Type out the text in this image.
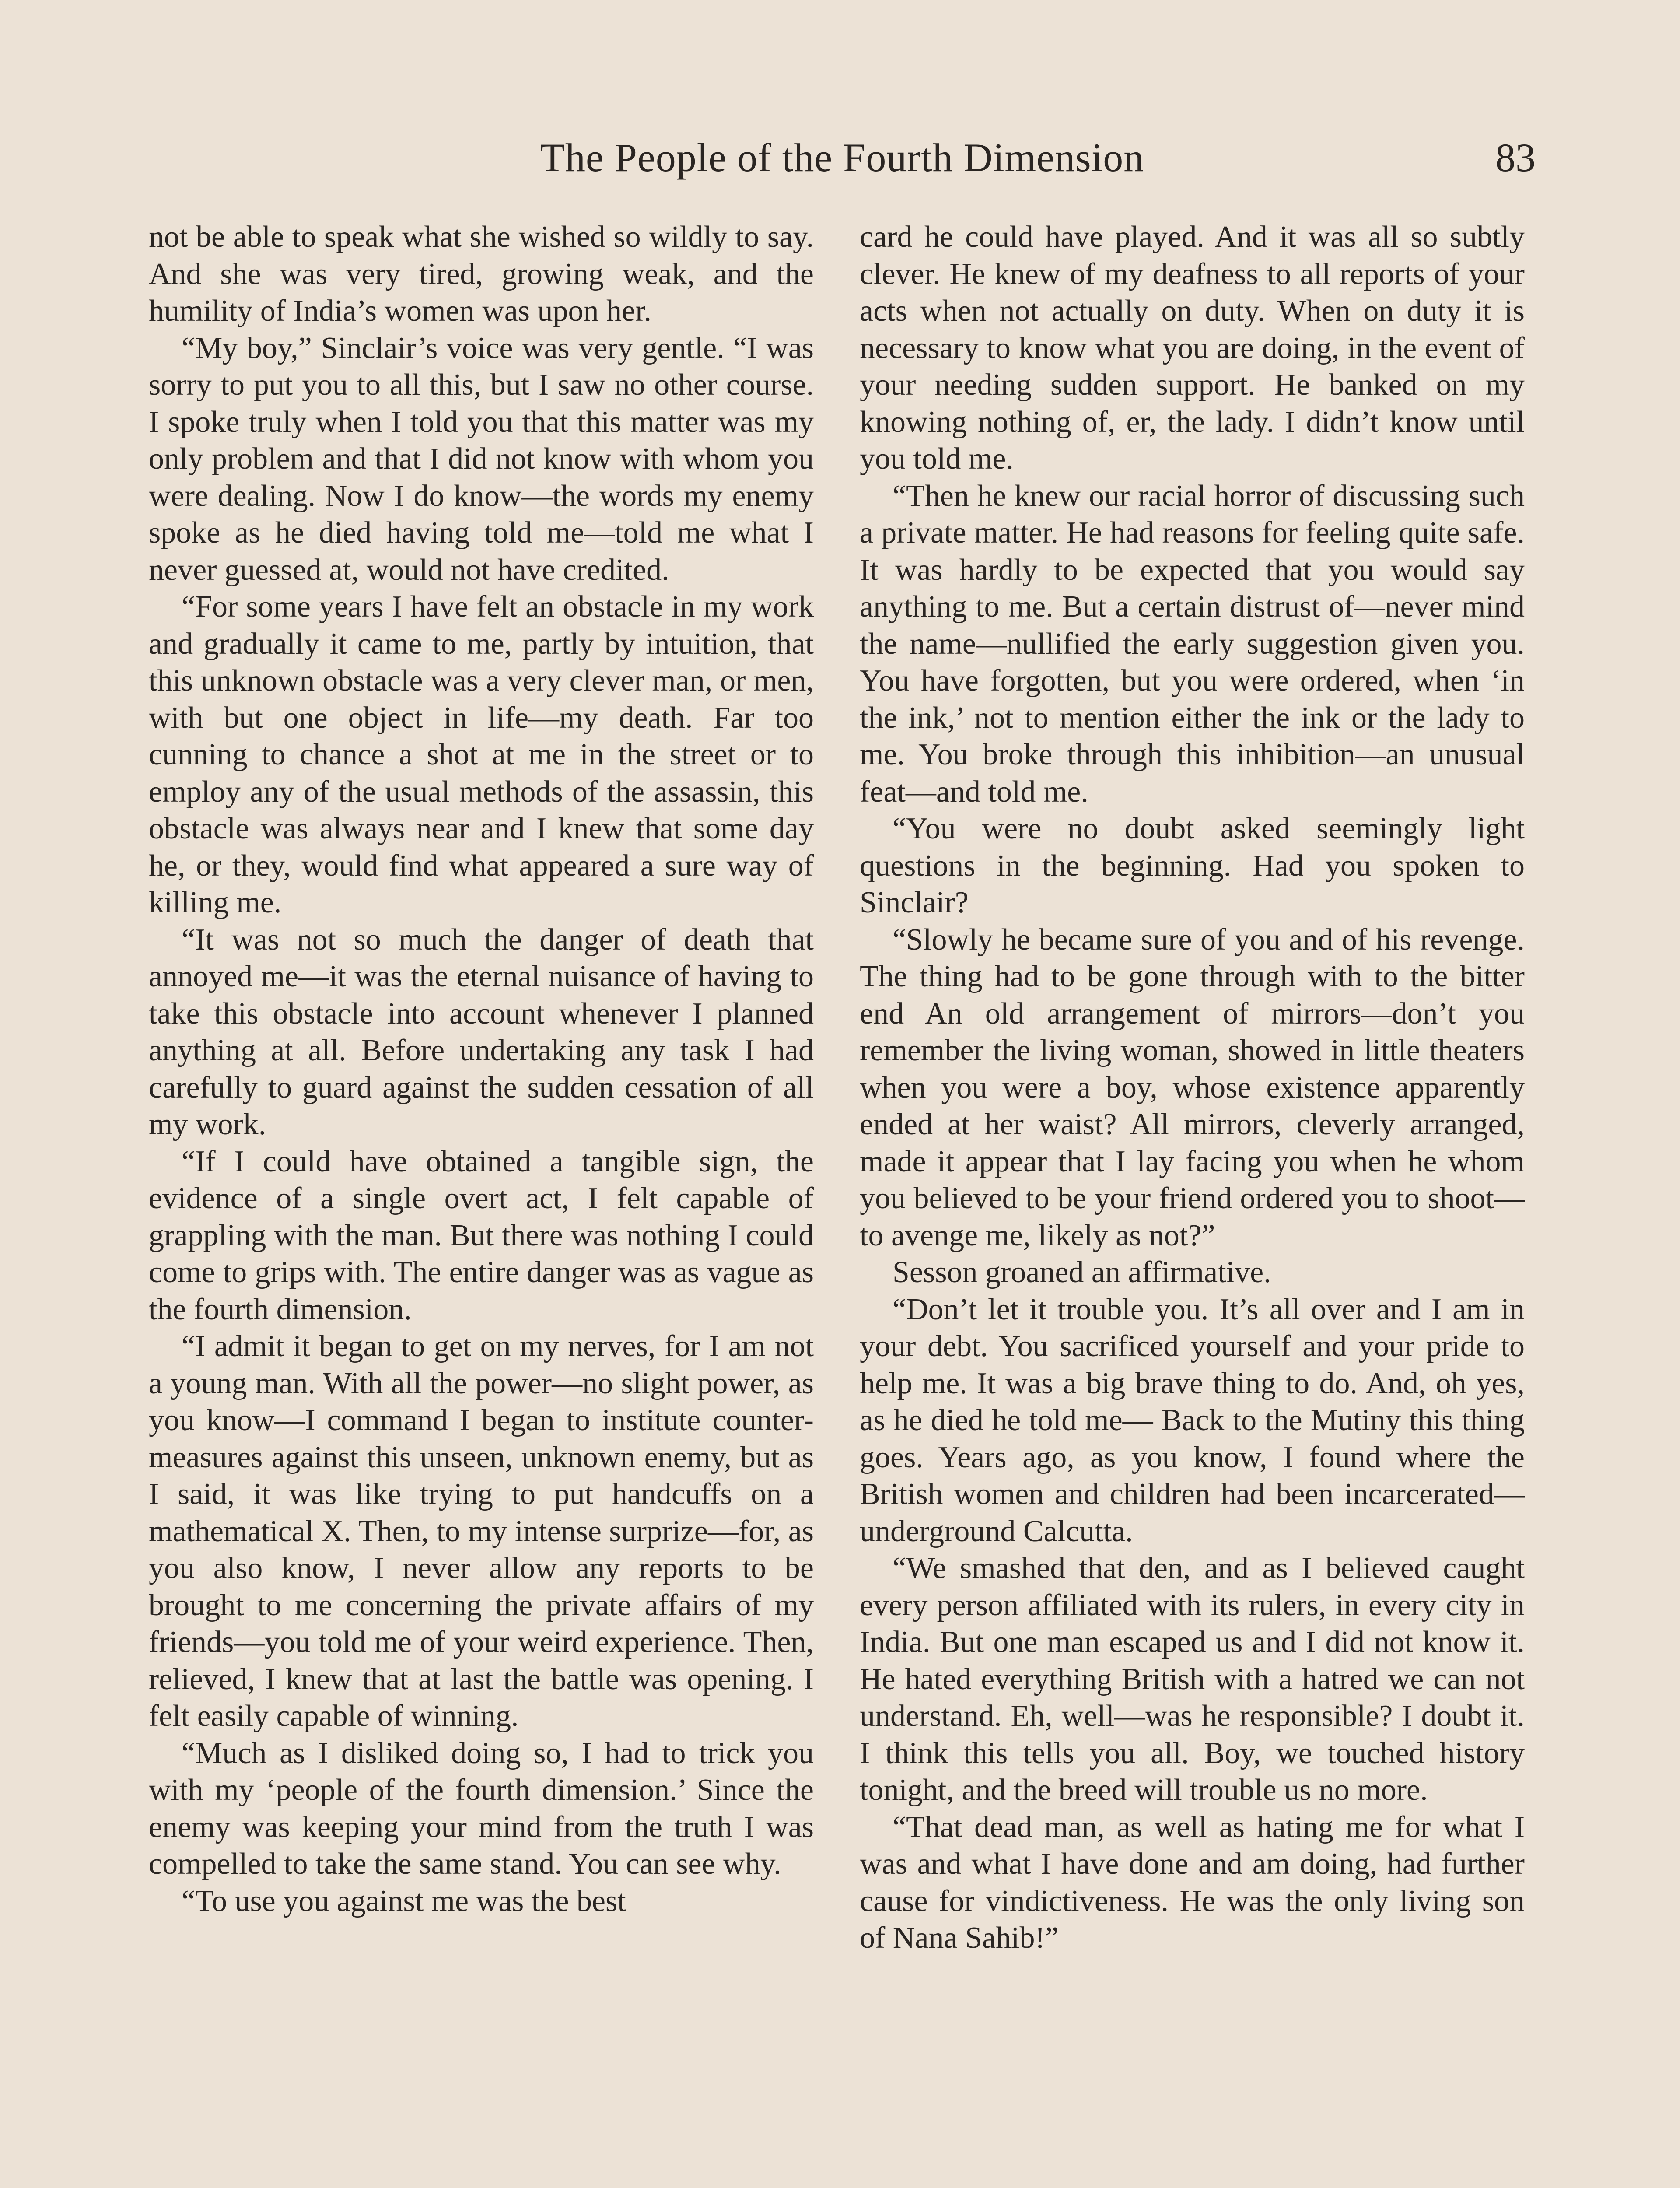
The People of the Fourth Dimension	83

not be able to speak what she wished so wildly to say. And she was very tired, growing weak, and the humility of India’s women was upon her.

“My boy,” Sinclair’s voice was very gentle. “I was sorry to put you to all this, but I saw no other course. I spoke truly when I told you that this matter was my only problem and that I did not know with whom you were dealing. Now I do know—the words my enemy spoke as he died having told me—told me what I never guessed at, would not have credited.

“For some years I have felt an obstacle in my work and gradually it came to me, partly by intuition, that this unknown obstacle was a very clever man, or men, with but one object in life—my death. Far too cunning to chance a shot at me in the street or to employ any of the usual methods of the assassin, this obstacle was always near and I knew that some day he, or they, would find what appeared a sure way of killing me.

“It was not so much the danger of death that annoyed me—it was the eternal nuisance of having to take this obstacle into account whenever I planned anything at all. Before undertaking any task I had carefully to guard against the sudden cessation of all my work.

“If I could have obtained a tangible sign, the evidence of a single overt act, I felt capable of grappling with the man. But there was nothing I could come to grips with. The entire danger was as vague as the fourth dimension.

“I admit it began to get on my nerves, for I am not a young man. With all the power—no slight power, as you know—I command I began to institute counter-measures against this unseen, unknown enemy, but as I said, it was like trying to put handcuffs on a mathematical X. Then, to my intense surprize—for, as you also know, I never allow any reports to be brought to me concerning the private affairs of my friends—you told me of your weird experience. Then, relieved, I knew that at last the battle was opening. I felt easily capable of winning.

“Much as I disliked doing so, I had to trick you with my ‘people of the fourth dimension.’ Since the enemy was keeping your mind from the truth I was compelled to take the same stand. You can see why.

“To use you against me was the best

card he could have played. And it was all so subtly clever. He knew of my deafness to all reports of your acts when not actually on duty. When on duty it is necessary to know what you are doing, in the event of your needing sudden support. He banked on my knowing nothing of, er, the lady. I didn’t know until you told me.

“Then he knew our racial horror of discussing such a private matter. He had reasons for feeling quite safe. It was hardly to be expected that you would say anything to me. But a certain distrust of—never mind the name—nullified the early suggestion given you. You have forgotten, but you were ordered, when ‘in the ink,’ not to mention either the ink or the lady to me. You broke through this inhibition—an unusual feat—and told me.

“You were no doubt asked seemingly light questions in the beginning. Had you spoken to Sinclair?

“Slowly he became sure of you and of his revenge. The thing had to be gone through with to the bitter end An old arrangement of mirrors—don’t you remember the living woman, showed in little theaters when you were a boy, whose existence apparently ended at her waist? All mirrors, cleverly arranged, made it appear that I lay facing you when he whom you believed to be your friend ordered you to shoot—to avenge me, likely as not?”

Sesson groaned an affirmative.

“Don’t let it trouble you. It’s all over and I am in your debt. You sacrificed yourself and your pride to help me. It was a big brave thing to do. And, oh yes, as he died he told me— Back to the Mutiny this thing goes. Years ago, as you know, I found where the British women and children had been incarcerated—underground Calcutta.

“We smashed that den, and as I believed caught every person affiliated with its rulers, in every city in India. But one man escaped us and I did not know it. He hated everything British with a hatred we can not understand. Eh, well—was he responsible? I doubt it. I think this tells you all. Boy, we touched history tonight, and the breed will trouble us no more.

“That dead man, as well as hating me for what I was and what I have done and am doing, had further cause for vindictiveness. He was the only living son of Nana Sahib!”
